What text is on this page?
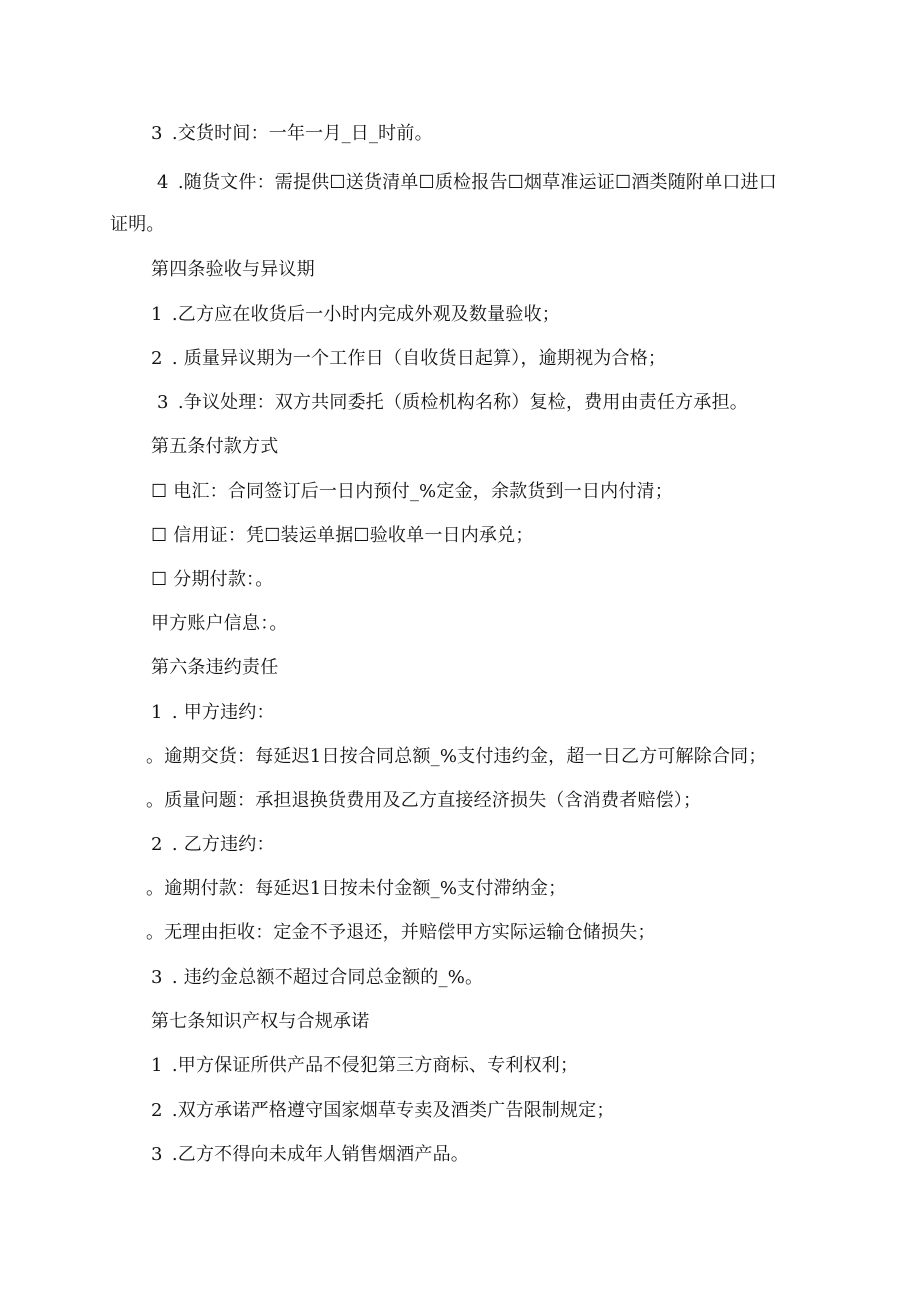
3 .交货时间：一年一月_日_时前。
4 .随货文件：需提供☐送货清单☐质检报告☐烟草准运证☐酒类随附单口进口
证明。
第四条验收与异议期
1 .乙方应在收货后一小时内完成外观及数量验收；
2 . 质量异议期为一个工作日（自收货日起算），逾期视为合格；
3 .争议处理：双方共同委托（质检机构名称）复检，费用由责任方承担。
第五条付款方式
☐ 电汇：合同签订后一日内预付_%定金，余款货到一日内付清；
☐ 信用证：凭☐装运单据☐验收单一日内承兑；
☐ 分期付款：。
甲方账户信息：。
第六条违约责任
1 . 甲方违约：
。逾期交货：每延迟1日按合同总额_%支付违约金，超一日乙方可解除合同；
。质量问题：承担退换货费用及乙方直接经济损失（含消费者赔偿）；
2 . 乙方违约：
。逾期付款：每延迟1日按未付金额_%支付滞纳金；
。无理由拒收：定金不予退还，并赔偿甲方实际运输仓储损失；
3 . 违约金总额不超过合同总金额的_%。
第七条知识产权与合规承诺
1 .甲方保证所供产品不侵犯第三方商标、专利权利；
2 .双方承诺严格遵守国家烟草专卖及酒类广告限制规定；
3 .乙方不得向未成年人销售烟酒产品。
